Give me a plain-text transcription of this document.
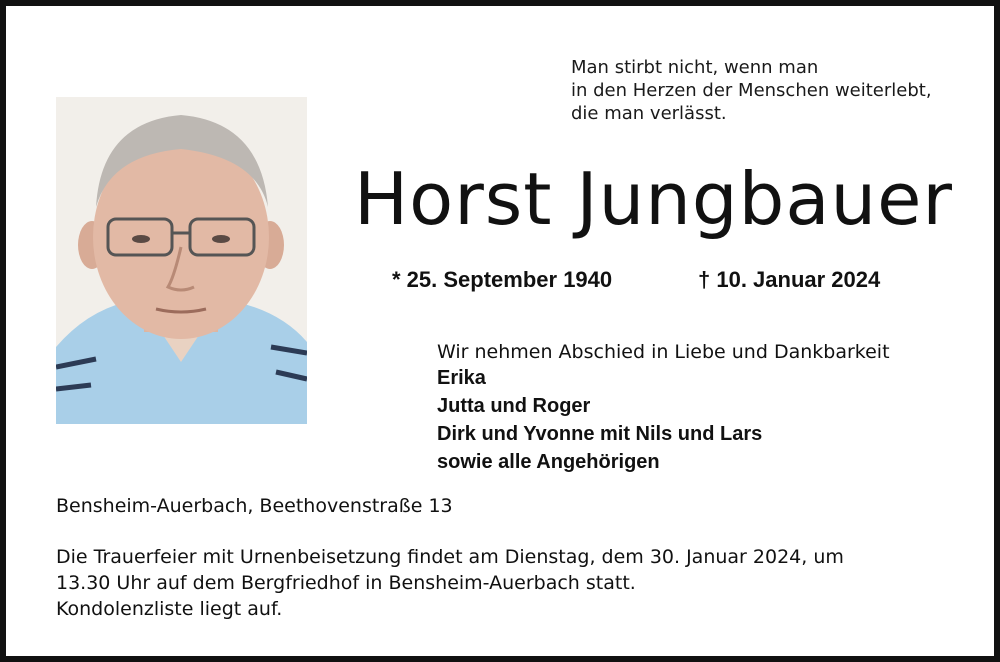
Man stirbt nicht, wenn man
in den Herzen der Menschen weiterlebt,
die man verlässt.
Horst Jungbauer
* 25. September 1940	† 10. Januar 2024
Wir nehmen Abschied in Liebe und Dankbarkeit
Erika
Jutta und Roger
Dirk und Yvonne mit Nils und Lars
sowie alle Angehörigen
Bensheim-Auerbach, Beethovenstraße 13
Die Trauerfeier mit Urnenbeisetzung findet am Dienstag, dem 30. Januar 2024, um
13.30 Uhr auf dem Bergfriedhof in Bensheim-Auerbach statt.
Kondolenzliste liegt auf.
